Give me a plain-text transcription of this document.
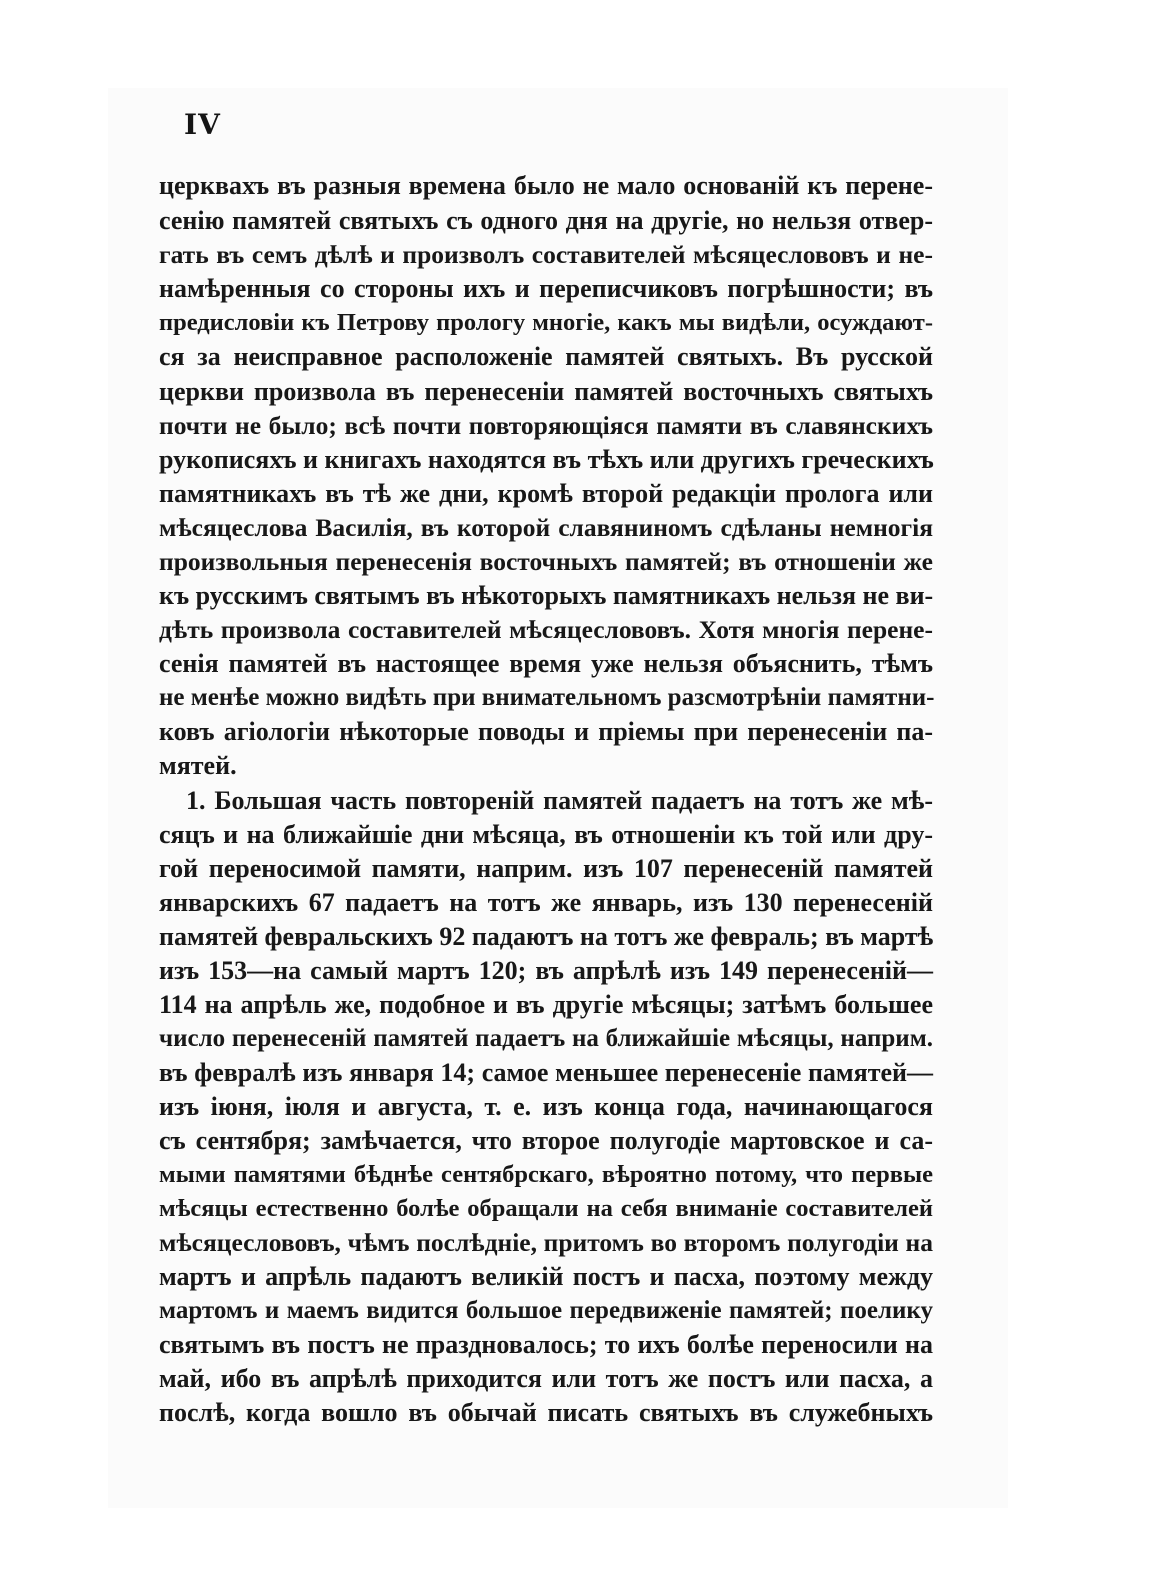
IV
церквахъ въ разныя времена было не мало основаній къ перене-
сенію памятей святыхъ съ одного дня на другіе, но нельзя отвер-
гать въ семъ дѣлѣ и произволъ составителей мѣсяцеслововъ и не-
намѣренныя со стороны ихъ и переписчиковъ погрѣшности; въ
предисловіи къ Петрову прологу многіе, какъ мы видѣли, осуждают-
ся за неисправное расположеніе памятей святыхъ. Въ русской
церкви произвола въ перенесеніи памятей восточныхъ святыхъ
почти не было; всѣ почти повторяющіяся памяти въ славянскихъ
рукописяхъ и книгахъ находятся въ тѣхъ или другихъ греческихъ
памятникахъ въ тѣ же дни, кромѣ второй редакціи пролога или
мѣсяцеслова Василія, въ которой славяниномъ сдѣланы немногія
произвольныя перенесенія восточныхъ памятей; въ отношеніи же
къ русскимъ святымъ въ нѣкоторыхъ памятникахъ нельзя не ви-
дѣть произвола составителей мѣсяцеслововъ. Хотя многія перене-
сенія памятей въ настоящее время уже нельзя объяснить, тѣмъ
не менѣе можно видѣть при внимательномъ разсмотрѣніи памятни-
ковъ агіологіи нѣкоторые поводы и пріемы при перенесеніи па-
мятей.
1. Большая часть повтореній памятей падаетъ на тотъ же мѣ-
сяцъ и на ближайшіе дни мѣсяца, въ отношеніи къ той или дру-
гой переносимой памяти, наприм. изъ 107 перенесеній памятей
январскихъ 67 падаетъ на тотъ же январь, изъ 130 перенесеній
памятей февральскихъ 92 падаютъ на тотъ же февраль; въ мартѣ
изъ 153—на самый мартъ 120; въ апрѣлѣ изъ 149 перенесеній—
114 на апрѣль же, подобное и въ другіе мѣсяцы; затѣмъ большее
число перенесеній памятей падаетъ на ближайшіе мѣсяцы, наприм.
въ февралѣ изъ января 14; самое меньшее перенесеніе памятей—
изъ іюня, іюля и августа, т. е. изъ конца года, начинающагося
съ сентября; замѣчается, что второе полугодіе мартовское и са-
мыми памятями бѣднѣе сентябрскаго, вѣроятно потому, что первые
мѣсяцы естественно болѣе обращали на себя вниманіе составителей
мѣсяцеслововъ, чѣмъ послѣдніе, притомъ во второмъ полугодіи на
мартъ и апрѣль падаютъ великій постъ и пасха, поэтому между
мартомъ и маемъ видится большое передвиженіе памятей; поелику
святымъ въ постъ не праздновалось; то ихъ болѣе переносили на
май, ибо въ апрѣлѣ приходится или тотъ же постъ или пасха, а
послѣ, когда вошло въ обычай писать святыхъ въ служебныхъ
